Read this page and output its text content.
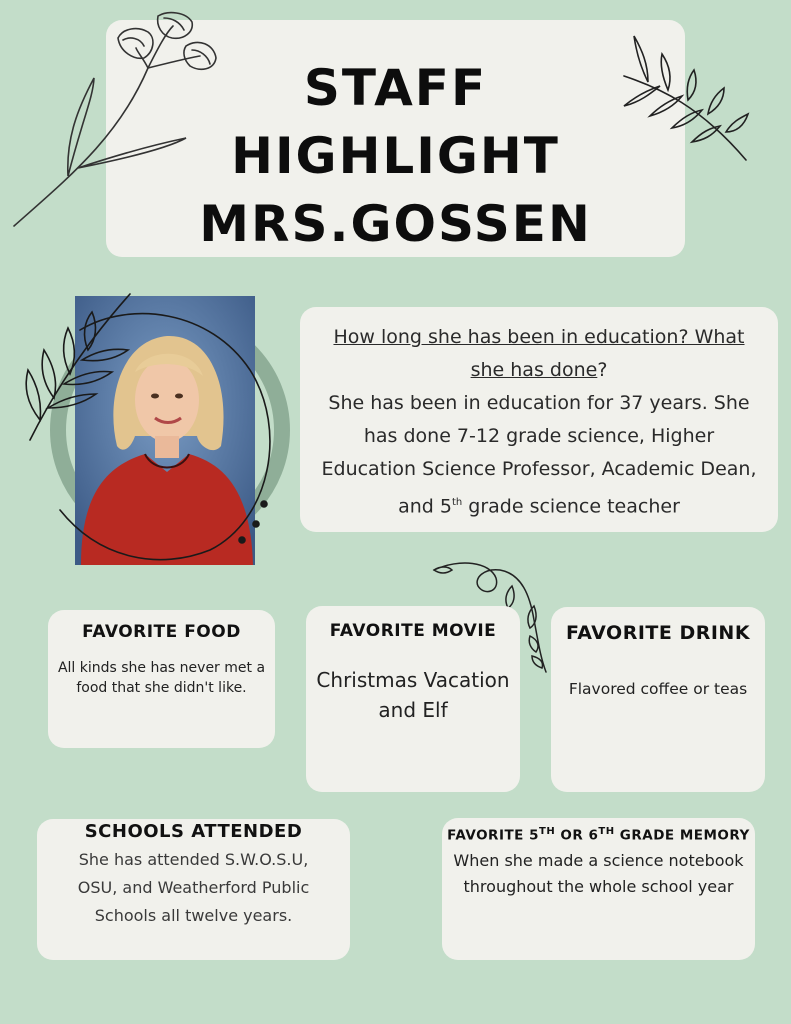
STAFF
HIGHLIGHT
MRS.GOSSEN
How long she has been in education? What she has done?
She has been in education for 37 years. She has done 7-12 grade science, Higher Education Science Professor, Academic Dean, and 5th grade science teacher
FAVORITE FOOD
All kinds she has never met a food that she didn't like.
FAVORITE MOVIE
Christmas Vacation and Elf
FAVORITE DRINK
Flavored coffee or teas
SCHOOLS ATTENDED
She has attended S.W.O.S.U, OSU, and Weatherford Public Schools all twelve years.
FAVORITE 5TH OR 6TH GRADE MEMORY
When she made a science notebook throughout the whole school year
